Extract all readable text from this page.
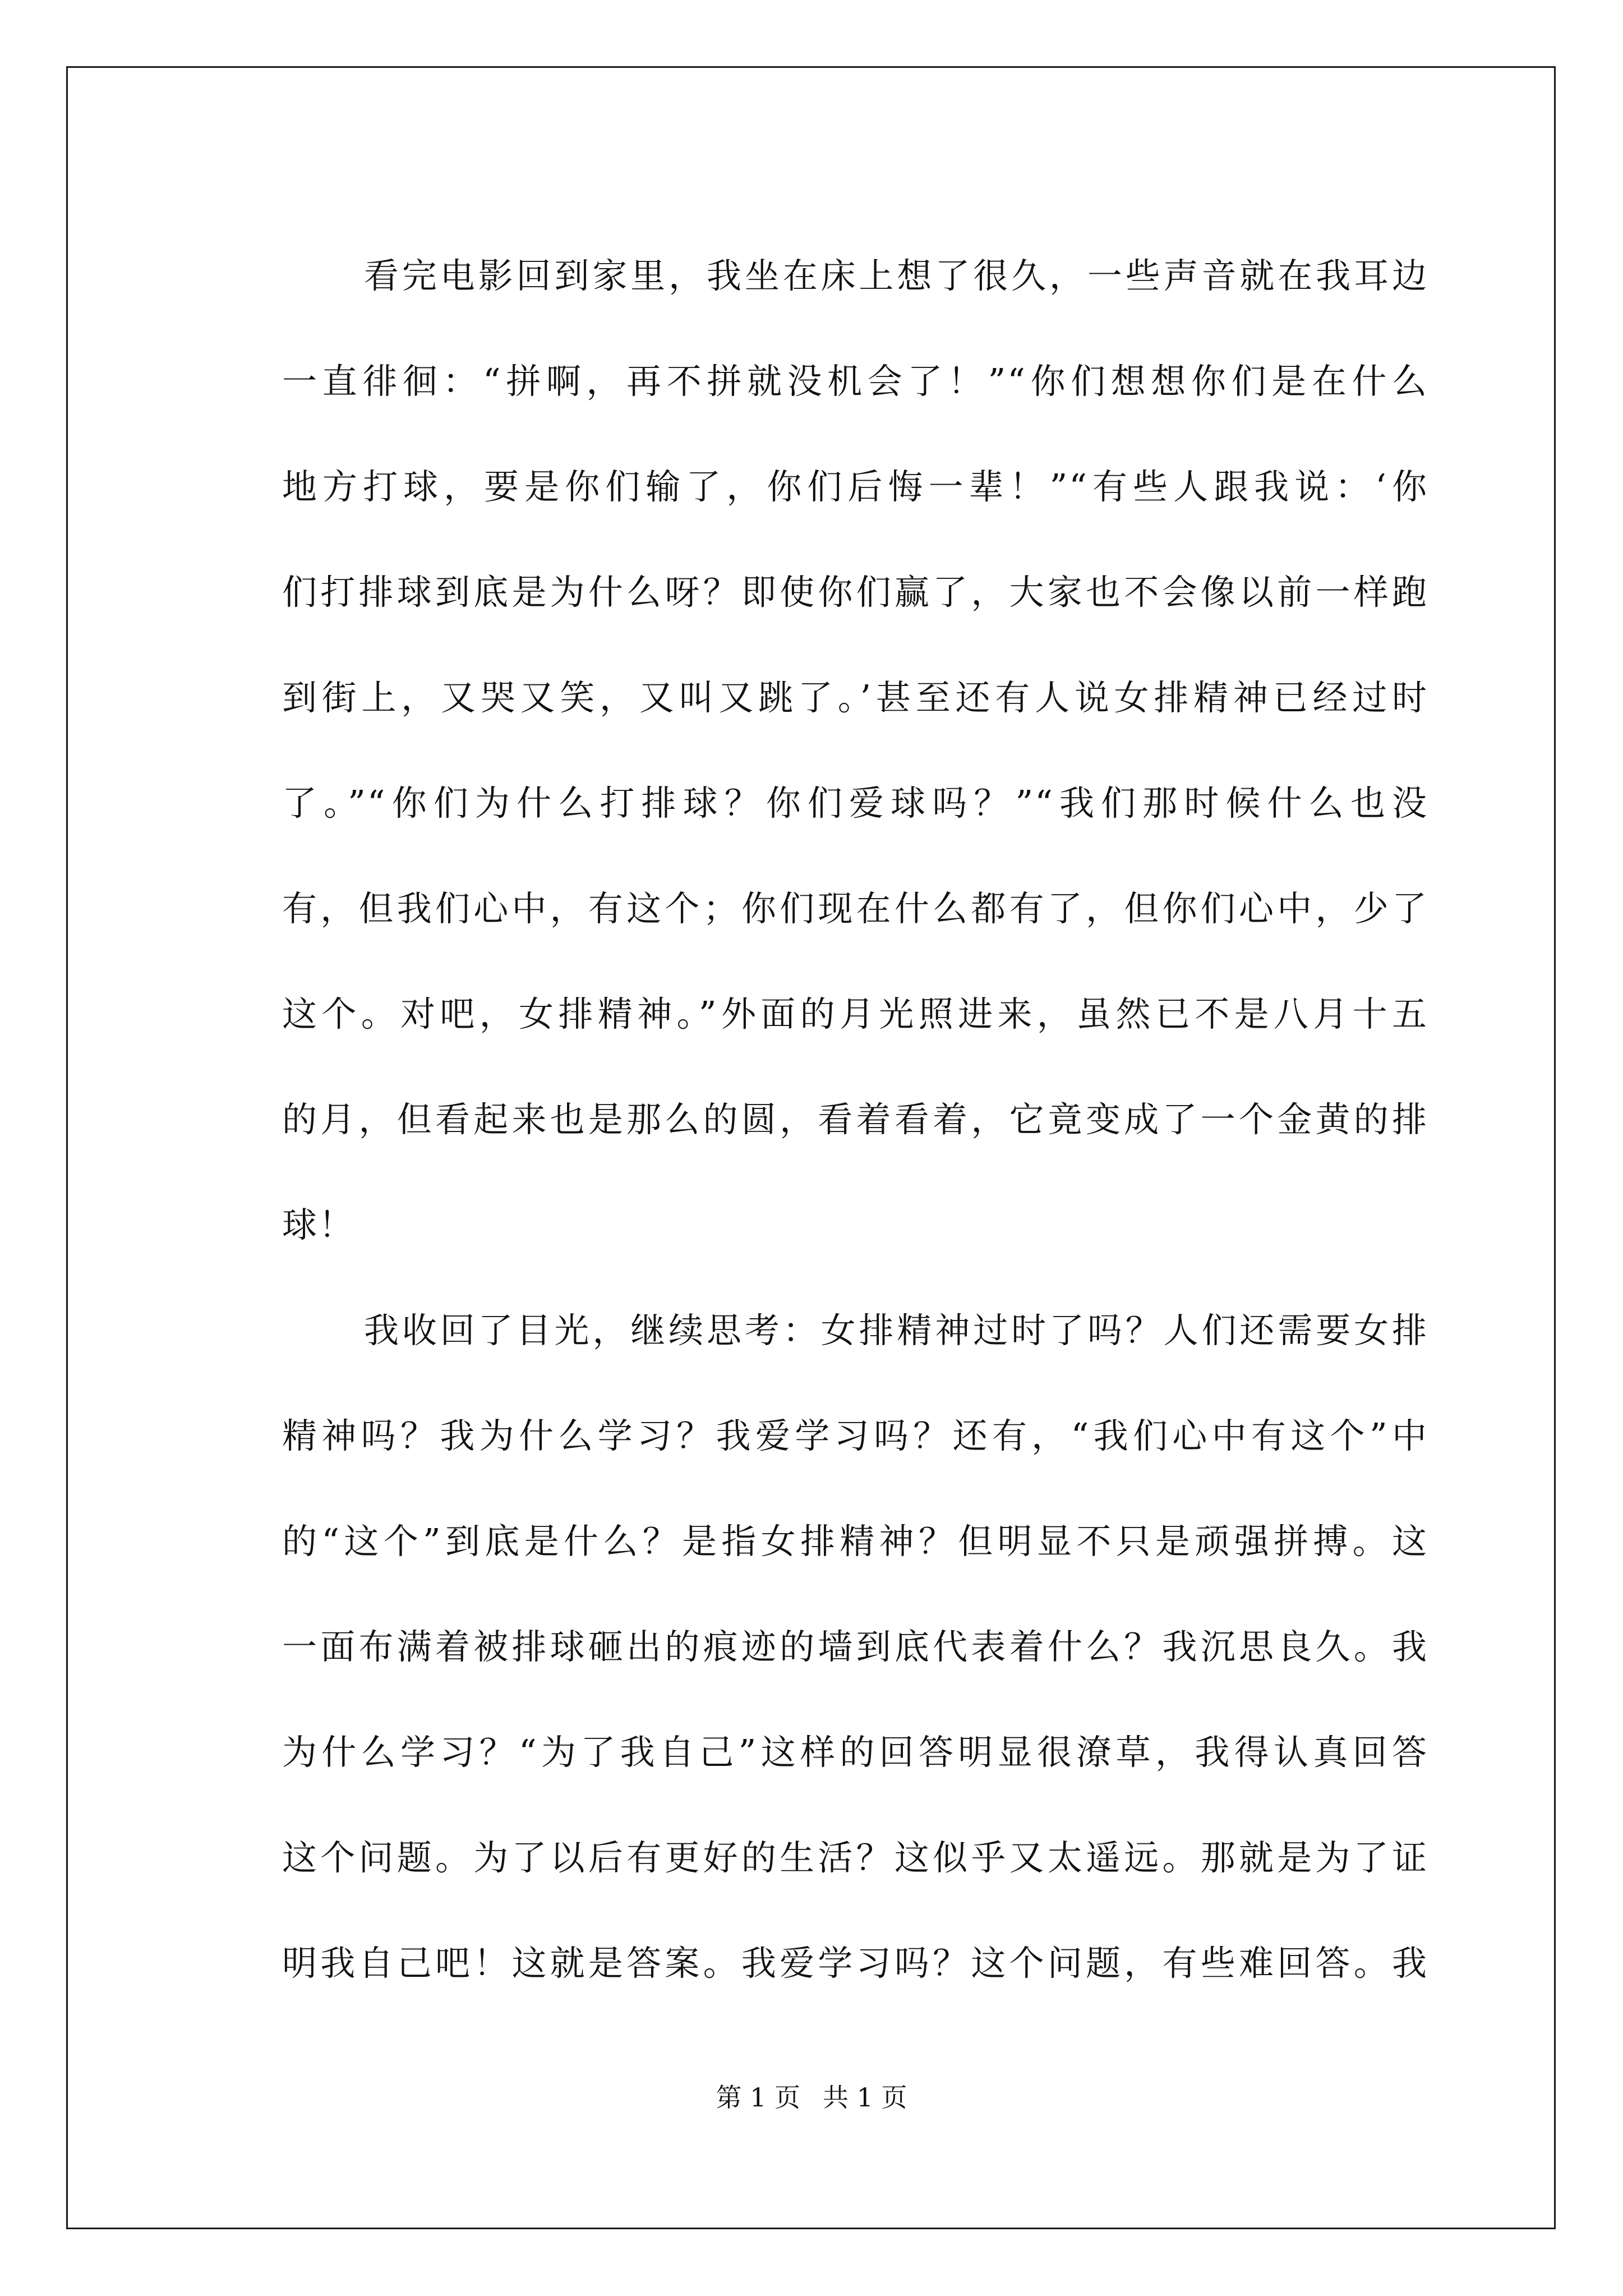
看完电影回到家里，我坐在床上想了很久，一些声音就在我耳边
一直徘徊：“拼啊，再不拼就没机会了！”“你们想想你们是在什么
地方打球，要是你们输了，你们后悔一辈！”“有些人跟我说：‘你
们打排球到底是为什么呀？即使你们赢了，大家也不会像以前一样跑
到街上，又哭又笑，又叫又跳了。’甚至还有人说女排精神已经过时
了。”“你们为什么打排球？你们爱球吗？”“我们那时候什么也没
有，但我们心中，有这个；你们现在什么都有了，但你们心中，少了
这个。对吧，女排精神。”外面的月光照进来，虽然已不是八月十五
的月，但看起来也是那么的圆，看着看着，它竟变成了一个金黄的排
球！
我收回了目光，继续思考：女排精神过时了吗？人们还需要女排
精神吗？我为什么学习？我爱学习吗？还有，“我们心中有这个”中
的“这个”到底是什么？是指女排精神？但明显不只是顽强拼搏。这
一面布满着被排球砸出的痕迹的墙到底代表着什么？我沉思良久。我
为什么学习？“为了我自己”这样的回答明显很潦草，我得认真回答
这个问题。为了以后有更好的生活？这似乎又太遥远。那就是为了证
明我自己吧！这就是答案。我爱学习吗？这个问题，有些难回答。我
第 1 页 共 1 页
